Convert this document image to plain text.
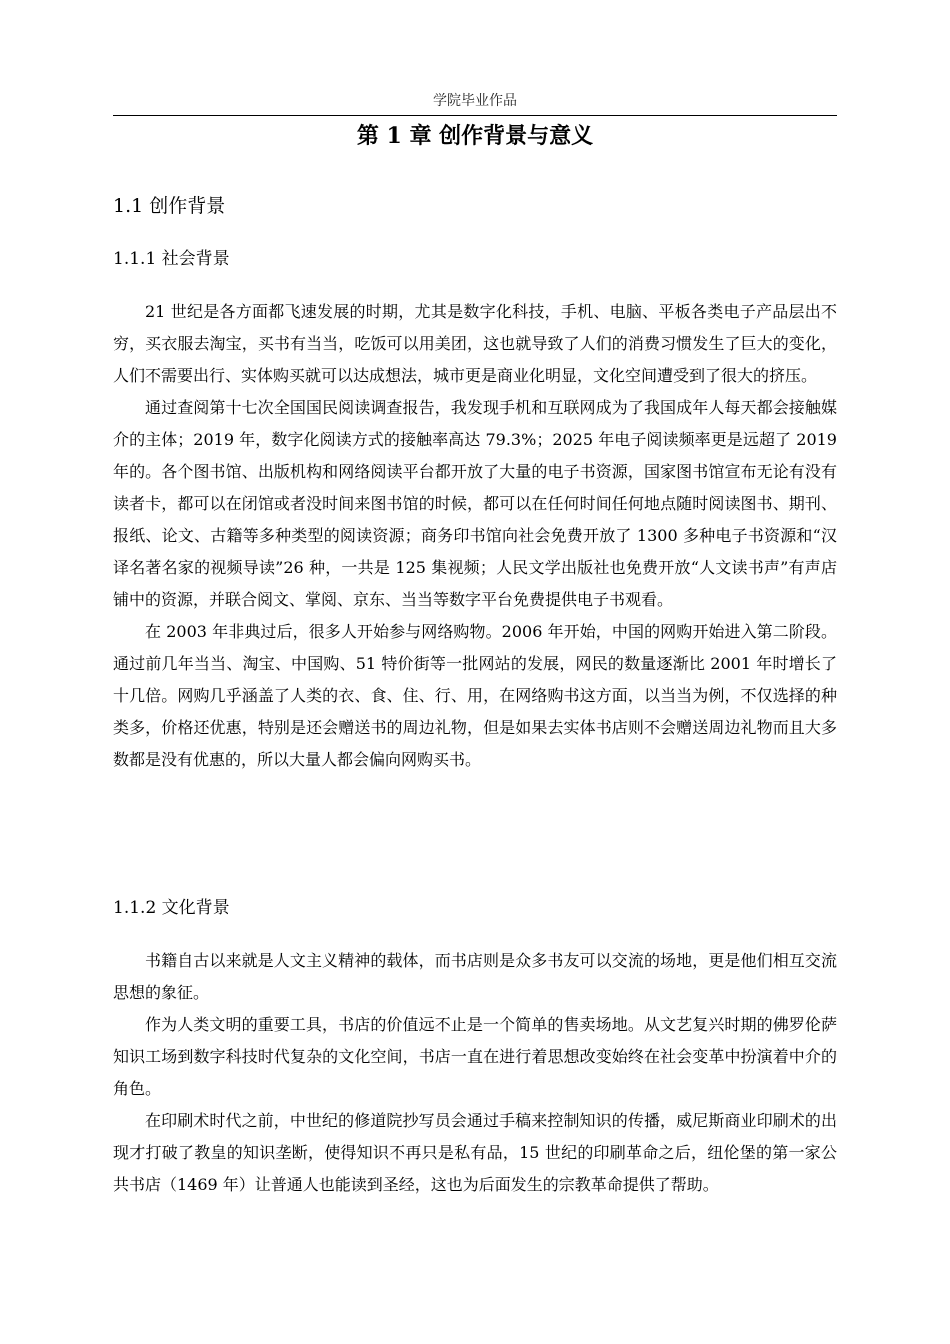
学院毕业作品
第 1 章 创作背景与意义
1.1 创作背景
1.1.1 社会背景

21 世纪是各方面都飞速发展的时期，尤其是数字化科技，手机、电脑、平板各类电子产品层出不穷，买衣服去淘宝，买书有当当，吃饭可以用美团，这也就导致了人们的消费习惯发生了巨大的变化，人们不需要出行、实体购买就可以达成想法，城市更是商业化明显，文化空间遭受到了很大的挤压。

通过查阅第十七次全国国民阅读调查报告，我发现手机和互联网成为了我国成年人每天都会接触媒介的主体；2019 年，数字化阅读方式的接触率高达 79.3%；2025 年电子阅读频率更是远超了 2019 年的。各个图书馆、出版机构和网络阅读平台都开放了大量的电子书资源，国家图书馆宣布无论有没有读者卡，都可以在闭馆或者没时间来图书馆的时候，都可以在任何时间任何地点随时阅读图书、期刊、报纸、论文、古籍等多种类型的阅读资源；商务印书馆向社会免费开放了 1300 多种电子书资源和“汉译名著名家的视频导读”26 种，一共是 125 集视频；人民文学出版社也免费开放“人文读书声”有声店铺中的资源，并联合阅文、掌阅、京东、当当等数字平台免费提供电子书观看。

在 2003 年非典过后，很多人开始参与网络购物。2006 年开始，中国的网购开始进入第二阶段。通过前几年当当、淘宝、中国购、51 特价街等一批网站的发展，网民的数量逐渐比 2001 年时增长了十几倍。网购几乎涵盖了人类的衣、食、住、行、用，在网络购书这方面，以当当为例，不仅选择的种类多，价格还优惠，特别是还会赠送书的周边礼物，但是如果去实体书店则不会赠送周边礼物而且大多数都是没有优惠的，所以大量人都会偏向网购买书。

1.1.2 文化背景

书籍自古以来就是人文主义精神的载体，而书店则是众多书友可以交流的场地，更是他们相互交流思想的象征。

作为人类文明的重要工具，书店的价值远不止是一个简单的售卖场地。从文艺复兴时期的佛罗伦萨知识工场到数字科技时代复杂的文化空间，书店一直在进行着思想改变始终在社会变革中扮演着中介的角色。

在印刷术时代之前，中世纪的修道院抄写员会通过手稿来控制知识的传播，威尼斯商业印刷术的出现才打破了教皇的知识垄断，使得知识不再只是私有品，15 世纪的印刷革命之后，纽伦堡的第一家公共书店（1469 年）让普通人也能读到圣经，这也为后面发生的宗教革命提供了帮助。
